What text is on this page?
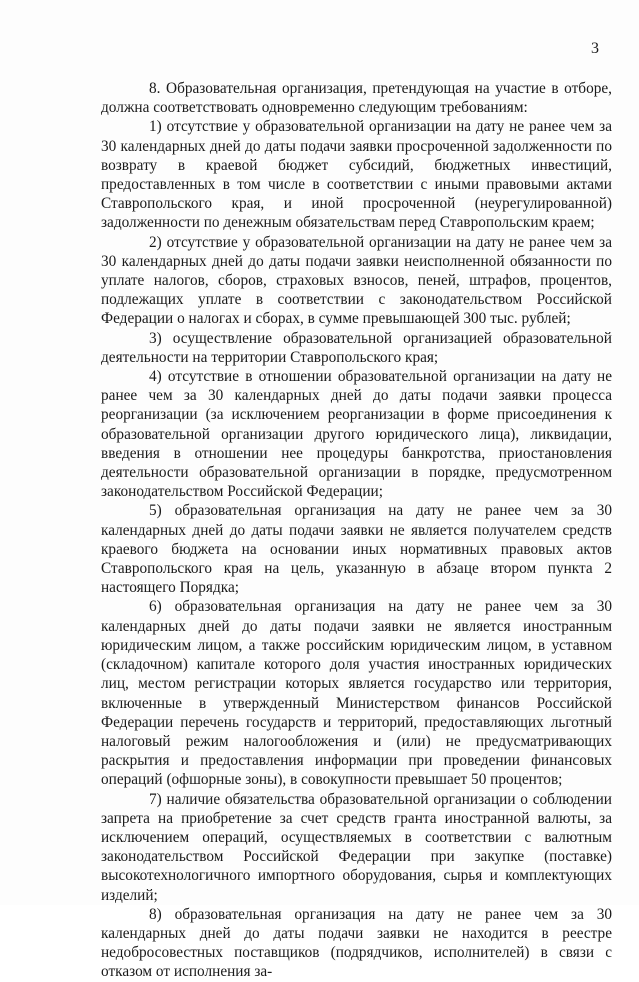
3

8. Образовательная организация, претендующая на участие в отборе, должна соответствовать одновременно следующим требованиям:

1) отсутствие у образовательной организации на дату не ранее чем за 30 календарных дней до даты подачи заявки просроченной задолженности по возврату в краевой бюджет субсидий, бюджетных инвестиций, предоставленных в том числе в соответствии с иными правовыми актами Ставропольского края, и иной просроченной (неурегулированной) задолженности по денежным обязательствам перед Ставропольским краем;

2) отсутствие у образовательной организации на дату не ранее чем за 30 календарных дней до даты подачи заявки неисполненной обязанности по уплате налогов, сборов, страховых взносов, пеней, штрафов, процентов, подлежащих уплате в соответствии с законодательством Российской Федерации о налогах и сборах, в сумме превышающей 300 тыс. рублей;

3) осуществление образовательной организацией образовательной деятельности на территории Ставропольского края;

4) отсутствие в отношении образовательной организации на дату не ранее чем за 30 календарных дней до даты подачи заявки процесса реорганизации (за исключением реорганизации в форме присоединения к образовательной организации другого юридического лица), ликвидации, введения в отношении нее процедуры банкротства, приостановления деятельности образовательной организации в порядке, предусмотренном законодательством Российской Федерации;

5) образовательная организация на дату не ранее чем за 30 календарных дней до даты подачи заявки не является получателем средств краевого бюджета на основании иных нормативных правовых актов Ставропольского края на цель, указанную в абзаце втором пункта 2 настоящего Порядка;

6) образовательная организация на дату не ранее чем за 30 календарных дней до даты подачи заявки не является иностранным юридическим лицом, а также российским юридическим лицом, в уставном (складочном) капитале которого доля участия иностранных юридических лиц, местом регистрации которых является государство или территория, включенные в утвержденный Министерством финансов Российской Федерации перечень государств и территорий, предоставляющих льготный налоговый режим налогообложения и (или) не предусматривающих раскрытия и предоставления информации при проведении финансовых операций (офшорные зоны), в совокупности превышает 50 процентов;

7) наличие обязательства образовательной организации о соблюдении запрета на приобретение за счет средств гранта иностранной валюты, за исключением операций, осуществляемых в соответствии с валютным законодательством Российской Федерации при закупке (поставке) высокотехнологичного импортного оборудования, сырья и комплектующих изделий;

8) образовательная организация на дату не ранее чем за 30 календарных дней до даты подачи заявки не находится в реестре недобросовестных поставщиков (подрядчиков, исполнителей) в связи с отказом от исполнения за-
